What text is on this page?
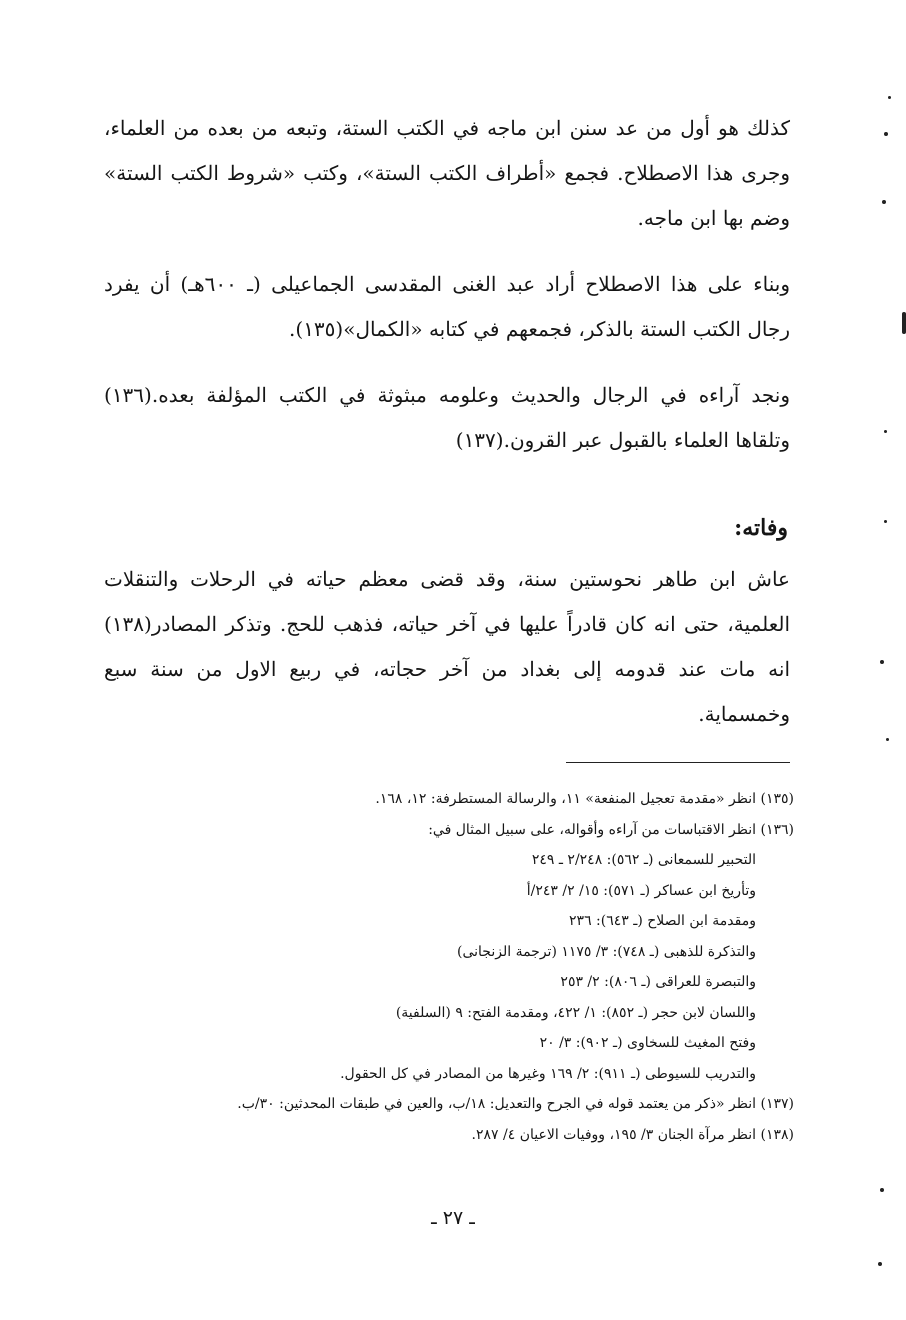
كذلك هو أول من عد سنن ابن ماجه في الكتب الستة، وتبعه من بعده من العلماء، وجرى هذا الاصطلاح. فجمع «أطراف الكتب الستة»، وكتب «شروط الكتب الستة» وضم بها ابن ماجه.

وبناء على هذا الاصطلاح أراد عبد الغنى المقدسى الجماعيلى (ـ ٦٠٠هـ) أن يفرد رجال الكتب الستة بالذكر، فجمعهم في كتابه «الكمال»(١٣٥).

ونجد آراءه في الرجال والحديث وعلومه مبثوثة في الكتب المؤلفة بعده.(١٣٦) وتلقاها العلماء بالقبول عبر القرون.(١٣٧)

وفاته:

عاش ابن طاهر نحوستين سنة، وقد قضى معظم حياته في الرحلات والتنقلات العلمية، حتى انه كان قادراً عليها في آخر حياته، فذهب للحج. وتذكر المصادر(١٣٨) انه مات عند قدومه إلى بغداد من آخر حجاته، في ربيع الاول من سنة سبع وخمسماية.

(١٣٥) انظر «مقدمة تعجيل المنفعة» ١١، والرسالة المستطرفة: ١٢، ١٦٨.

(١٣٦) انظر الاقتباسات من آراءه وأقواله، على سبيل المثال في:

التحبير للسمعانى (ـ ٥٦٢): ٢/٢٤٨ ـ ٢٤٩

وتأريخ ابن عساكر (ـ ٥٧١): ١٥/ ٢/ ٢٤٣/أ

ومقدمة ابن الصلاح (ـ ٦٤٣): ٢٣٦

والتذكرة للذهبى (ـ ٧٤٨): ٣/ ١١٧٥ (ترجمة الزنجانى)

والتبصرة للعراقى (ـ ٨٠٦): ٢/ ٢٥٣

واللسان لابن حجر (ـ ٨٥٢): ١/ ٤٢٢، ومقدمة الفتح: ٩ (السلفية)

وفتح المغيث للسخاوى (ـ ٩٠٢): ٣/ ٢٠

والتدريب للسيوطى (ـ ٩١١): ٢/ ١٦٩ وغيرها من المصادر في كل الحقول.

(١٣٧) انظر «ذكر من يعتمد قوله في الجرح والتعديل: ١٨/ب، والعين في طبقات المحدثين: ٣٠/ب.

(١٣٨) انظر مرآة الجنان ٣/ ١٩٥، ووفيات الاعيان ٤/ ٢٨٧.

ـ ٢٧ ـ
